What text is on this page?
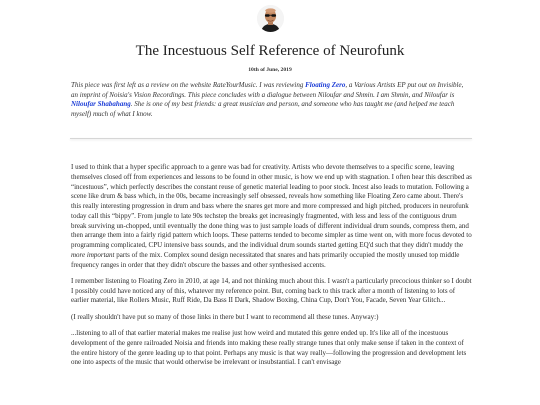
The Incestuous Self Reference of Neurofunk
10th of June, 2019

This piece was first left as a review on the website RateYourMusic. I was reviewing Floating Zero, a Various Artists EP put out on Invisible, an imprint of Noisia's Vision Recordings. This piece concludes with a dialogue between Niloufar and Shmin. I am Shmin, and Niloufar is Niloufar Shabahang. She is one of my best friends: a great musician and person, and someone who has taught me (and helped me teach myself) much of what I know.

I used to think that a hyper specific approach to a genre was bad for creativity. Artists who devote themselves to a specific scene, leaving themselves closed off from experiences and lessons to be found in other music, is how we end up with stagnation. I often hear this described as “incestuous”, which perfectly describes the constant reuse of genetic material leading to poor stock. Incest also leads to mutation. Following a scene like drum & bass which, in the 00s, became increasingly self obsessed, reveals how something like Floating Zero came about. There's this really interesting progression in drum and bass where the snares get more and more compressed and high pitched, producers in neurofunk today call this “bippy”. From jungle to late 90s techstep the breaks get increasingly fragmented, with less and less of the contiguous drum break surviving un-chopped, until eventually the done thing was to just sample loads of different individual drum sounds, compress them, and then arrange them into a fairly rigid pattern which loops. These patterns tended to become simpler as time went on, with more focus devoted to programming complicated, CPU intensive bass sounds, and the individual drum sounds started getting EQ'd such that they didn't muddy the more important parts of the mix. Complex sound design necessitated that snares and hats primarily occupied the mostly unused top middle frequency ranges in order that they didn't obscure the basses and other synthesised accents.

I remember listening to Floating Zero in 2010, at age 14, and not thinking much about this. I wasn't a particularly precocious thinker so I doubt I possibly could have noticed any of this, whatever my reference point. But, coming back to this track after a month of listening to lots of earlier material, like Rollers Music, Ruff Ride, Da Bass II Dark, Shadow Boxing, China Cup, Don't You, Facade, Seven Year Glitch...

(I really shouldn't have put so many of those links in there but I want to recommend all these tunes. Anyway:)

...listening to all of that earlier material makes me realise just how weird and mutated this genre ended up. It's like all of the incestuous development of the genre railroaded Noisia and friends into making these really strange tunes that only make sense if taken in the context of the entire history of the genre leading up to that point. Perhaps any music is that way really—following the progression and development lets one into aspects of the music that would otherwise be irrelevant or insubstantial. I can't envisage
